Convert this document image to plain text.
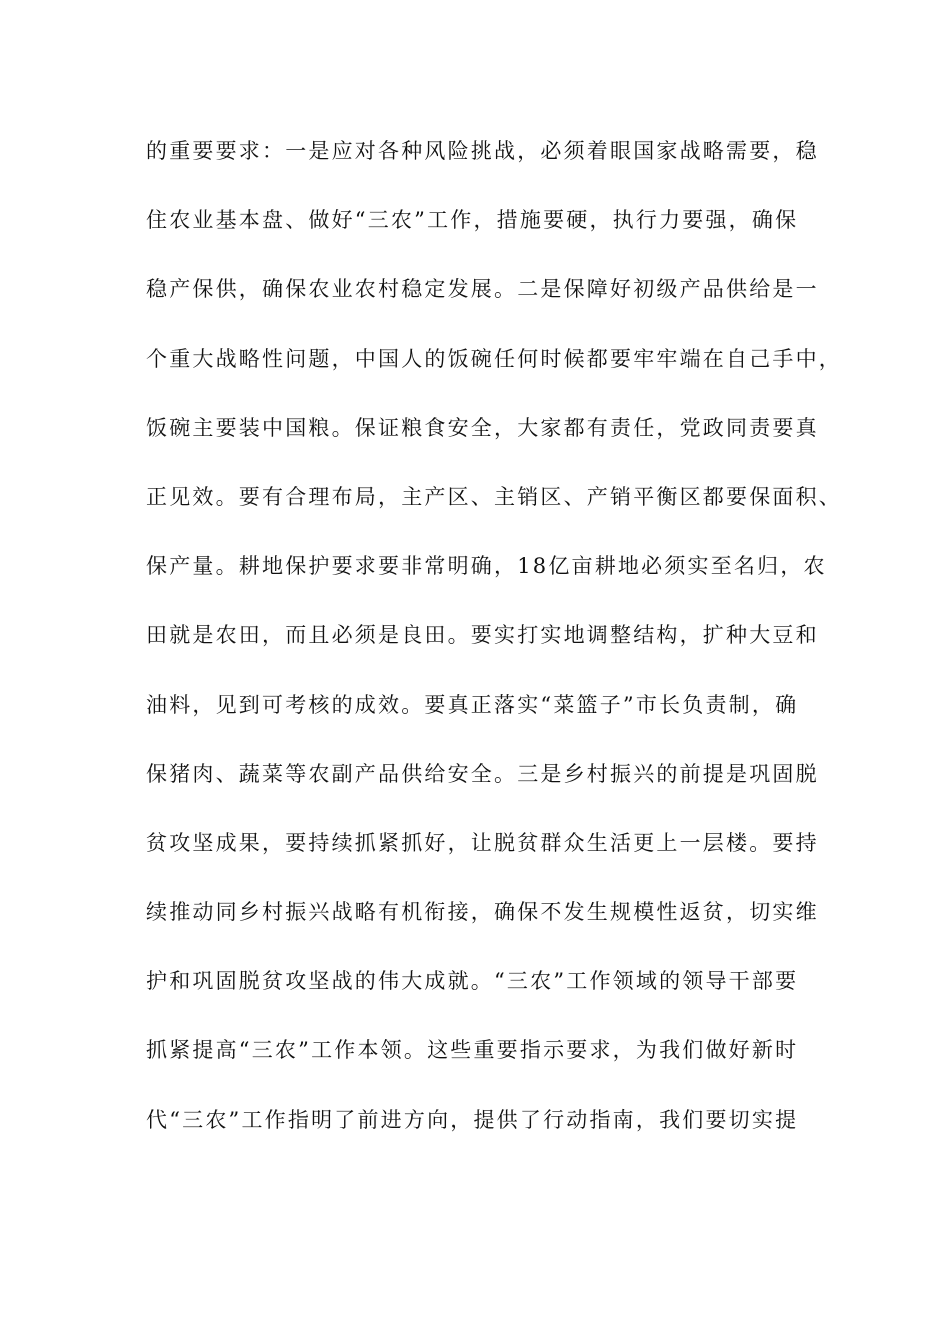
的重要要求：一是应对各种风险挑战，必须着眼国家战略需要，稳
住农业基本盘、做好“三农”工作，措施要硬，执行力要强，确保
稳产保供，确保农业农村稳定发展。二是保障好初级产品供给是一
个重大战略性问题，中国人的饭碗任何时候都要牢牢端在自己手中，
饭碗主要装中国粮。保证粮食安全，大家都有责任，党政同责要真
正见效。要有合理布局，主产区、主销区、产销平衡区都要保面积、
保产量。耕地保护要求要非常明确，18亿亩耕地必须实至名归，农
田就是农田，而且必须是良田。要实打实地调整结构，扩种大豆和
油料，见到可考核的成效。要真正落实“菜篮子”市长负责制，确
保猪肉、蔬菜等农副产品供给安全。三是乡村振兴的前提是巩固脱
贫攻坚成果，要持续抓紧抓好，让脱贫群众生活更上一层楼。要持
续推动同乡村振兴战略有机衔接，确保不发生规模性返贫，切实维
护和巩固脱贫攻坚战的伟大成就。“三农”工作领域的领导干部要
抓紧提高“三农”工作本领。这些重要指示要求，为我们做好新时
代“三农”工作指明了前进方向，提供了行动指南，我们要切实提
